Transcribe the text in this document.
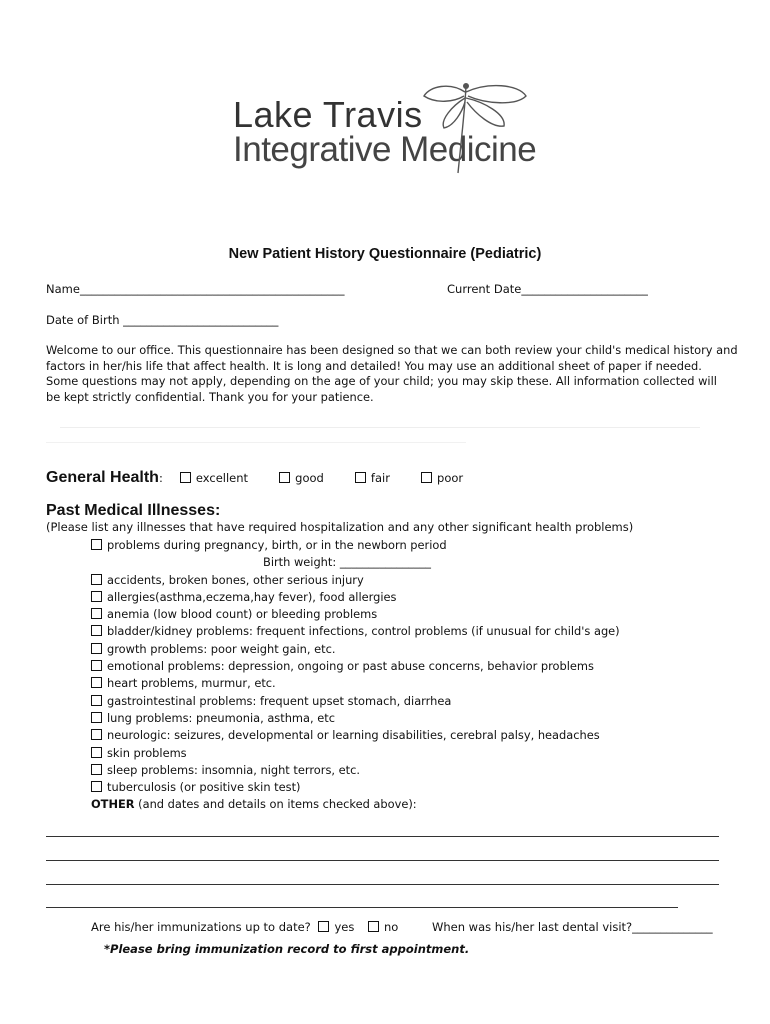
Lake Travis
Integrative Medicine
New Patient History Questionnaire (Pediatric)
Name______________________________________________	Current Date______________________
Date of Birth ___________________________
Welcome to our office. This questionnaire has been designed so that we can both review your child's medical history and
factors in her/his life that affect health. It is long and detailed! You may use an additional sheet of paper if needed.
Some questions may not apply, depending on the age of your child; you may skip these. All information collected will
be kept strictly confidential. Thank you for your patience.
General Health:	excellent	good	fair	poor
Past Medical Illnesses:
(Please list any illnesses that have required hospitalization and any other significant health problems)
problems during pregnancy, birth, or in the newborn period
Birth weight: ________________
accidents, broken bones, other serious injury
allergies(asthma,eczema,hay fever), food allergies
anemia (low blood count) or bleeding problems
bladder/kidney problems: frequent infections, control problems (if unusual for child's age)
growth problems: poor weight gain, etc.
emotional problems: depression, ongoing or past abuse concerns, behavior problems
heart problems, murmur, etc.
gastrointestinal problems: frequent upset stomach, diarrhea
lung problems: pneumonia, asthma, etc
neurologic: seizures, developmental or learning disabilities, cerebral palsy, headaches
skin problems
sleep problems: insomnia, night terrors, etc.
tuberculosis (or positive skin test)
OTHER (and dates and details on items checked above):
Are his/her immunizations up to date? yes	no	When was his/her last dental visit?______________
*Please bring immunization record to first appointment.
